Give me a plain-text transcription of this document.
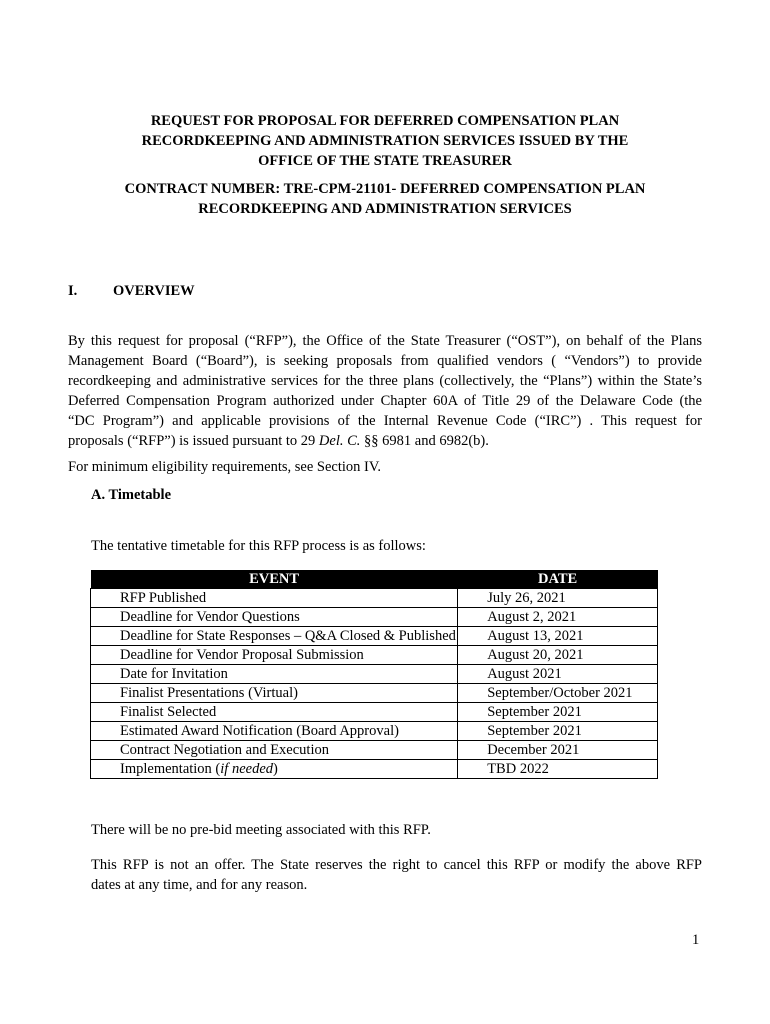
REQUEST FOR PROPOSAL FOR DEFERRED COMPENSATION PLAN
RECORDKEEPING AND ADMINISTRATION SERVICES ISSUED BY THE
OFFICE OF THE STATE TREASURER
CONTRACT NUMBER: TRE-CPM-21101- DEFERRED COMPENSATION PLAN
RECORDKEEPING AND ADMINISTRATION SERVICES
I. OVERVIEW
By this request for proposal (“RFP”), the Office of the State Treasurer (“OST”), on behalf of the Plans
Management Board (“Board”), is seeking proposals from qualified vendors ( “Vendors”) to provide
recordkeeping and administrative services for the three plans (collectively, the “Plans”) within the State’s
Deferred Compensation Program authorized under Chapter 60A of Title 29 of the Delaware Code (the
“DC Program”) and applicable provisions of the Internal Revenue Code (“IRC”) . This request for
proposals (“RFP”) is issued pursuant to 29 Del. C. §§ 6981 and 6982(b).

For minimum eligibility requirements, see Section IV.

A. Timetable

The tentative timetable for this RFP process is as follows:

EVENT	DATE
RFP Published	July 26, 2021
Deadline for Vendor Questions	August 2, 2021
Deadline for State Responses – Q&A Closed & Published	August 13, 2021
Deadline for Vendor Proposal Submission	August 20, 2021
Date for Invitation	August 2021
Finalist Presentations (Virtual)	September/October 2021
Finalist Selected	September 2021
Estimated Award Notification (Board Approval)	September 2021
Contract Negotiation and Execution	December 2021
Implementation (if needed)	TBD 2022

There will be no pre-bid meeting associated with this RFP.

This RFP is not an offer. The State reserves the right to cancel this RFP or modify the above RFP
dates at any time, and for any reason.
1
